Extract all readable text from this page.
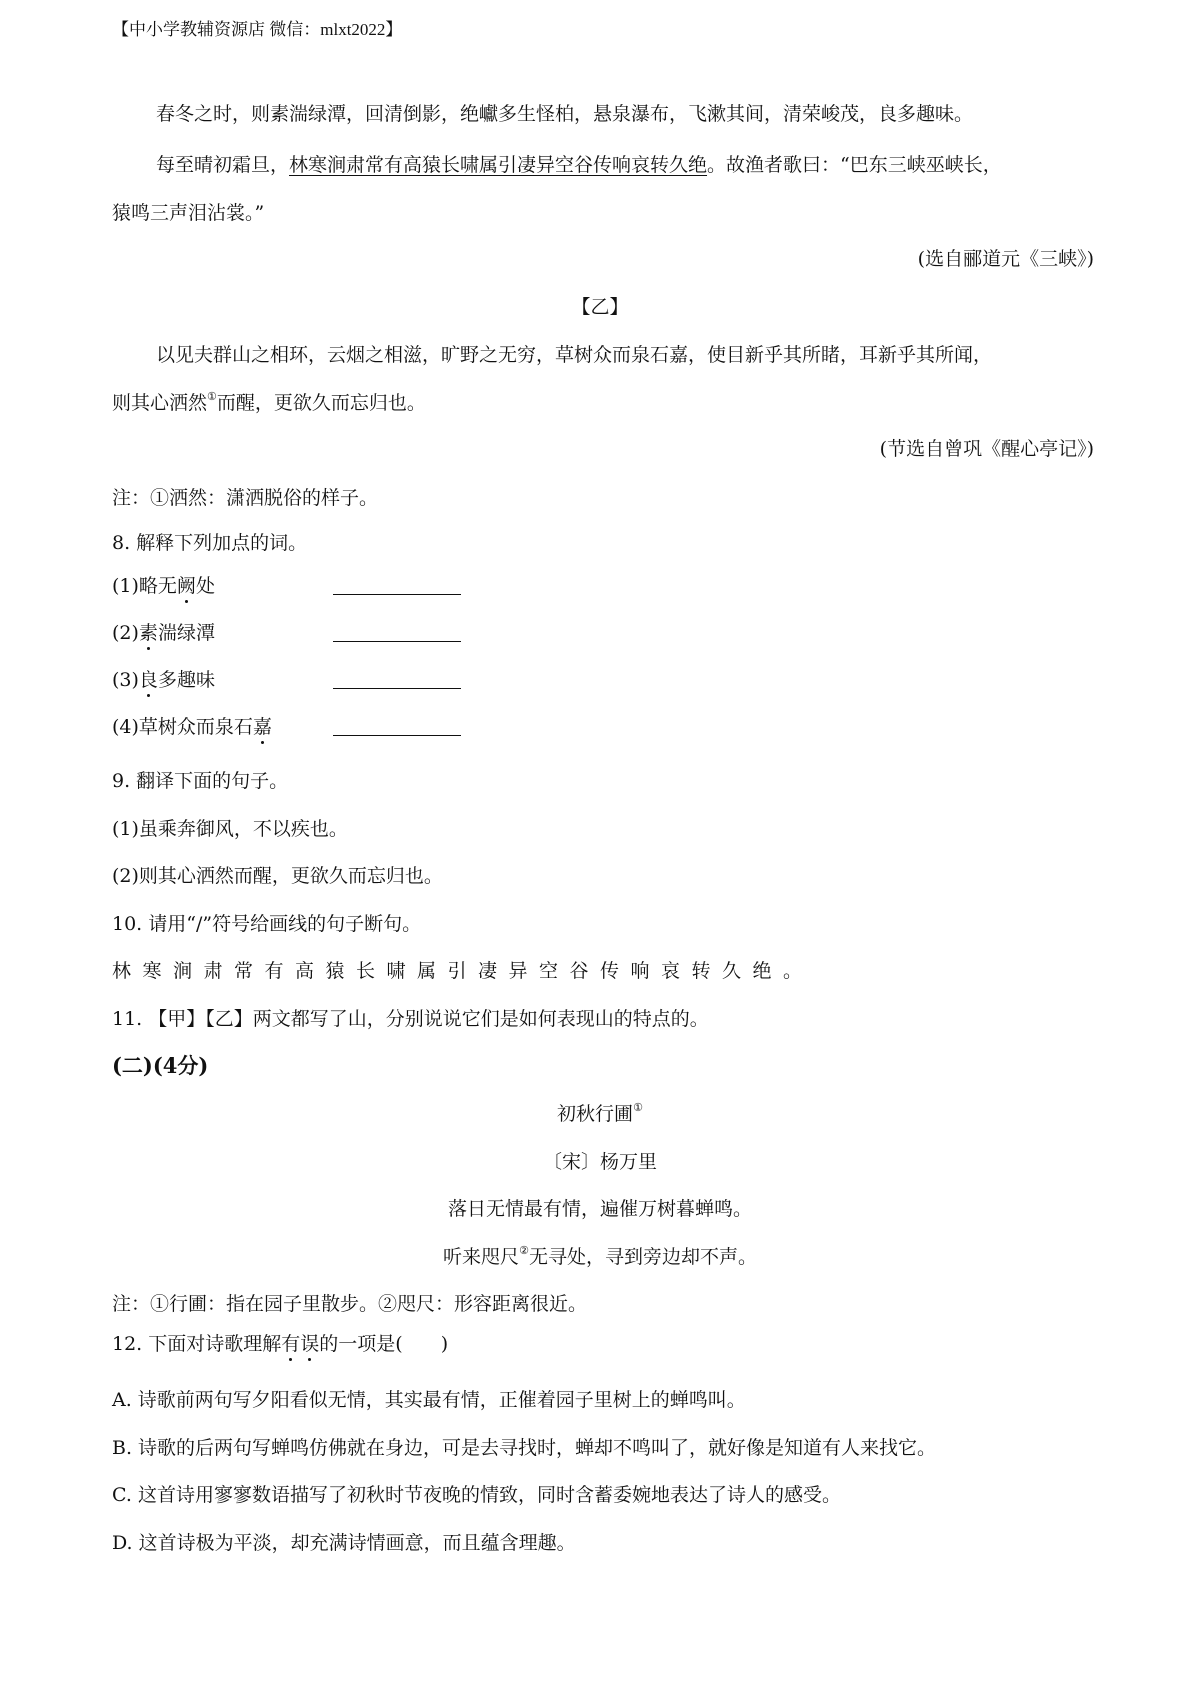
【中小学教辅资源店 微信：mlxt2022】
春冬之时，则素湍绿潭，回清倒影，绝巘多生怪柏，悬泉瀑布，飞漱其间，清荣峻茂，良多趣味。
每至晴初霜旦，林寒涧肃常有高猿长啸属引凄异空谷传响哀转久绝。故渔者歌曰：“巴东三峡巫峡长，
猿鸣三声泪沾裳。”
(选自郦道元《三峡》)
【乙】
以见夫群山之相环，云烟之相滋，旷野之无穷，草树众而泉石嘉，使目新乎其所睹，耳新乎其所闻，
则其心洒然①而醒，更欲久而忘归也。
(节选自曾巩《醒心亭记》)
注：①洒然：潇洒脱俗的样子。
8. 解释下列加点的词。
(1)略无阙处
(2)素湍绿潭
(3)良多趣味
(4)草树众而泉石嘉
9. 翻译下面的句子。
(1)虽乘奔御风，不以疾也。
(2)则其心洒然而醒，更欲久而忘归也。
10. 请用“/”符号给画线的句子断句。
林寒涧肃常有高猿长啸属引凄异空谷传响哀转久绝。
11. 【甲】【乙】两文都写了山，分别说说它们是如何表现山的特点的。
(二)(4分)
初秋行圃①
〔宋〕杨万里
落日无情最有情，遍催万树暮蝉鸣。
听来咫尺②无寻处，寻到旁边却不声。
注：①行圃：指在园子里散步。②咫尺：形容距离很近。
12. 下面对诗歌理解有误的一项是(　　)
A. 诗歌前两句写夕阳看似无情，其实最有情，正催着园子里树上的蝉鸣叫。
B. 诗歌的后两句写蝉鸣仿佛就在身边，可是去寻找时，蝉却不鸣叫了，就好像是知道有人来找它。
C. 这首诗用寥寥数语描写了初秋时节夜晚的情致，同时含蓄委婉地表达了诗人的感受。
D. 这首诗极为平淡，却充满诗情画意，而且蕴含理趣。
